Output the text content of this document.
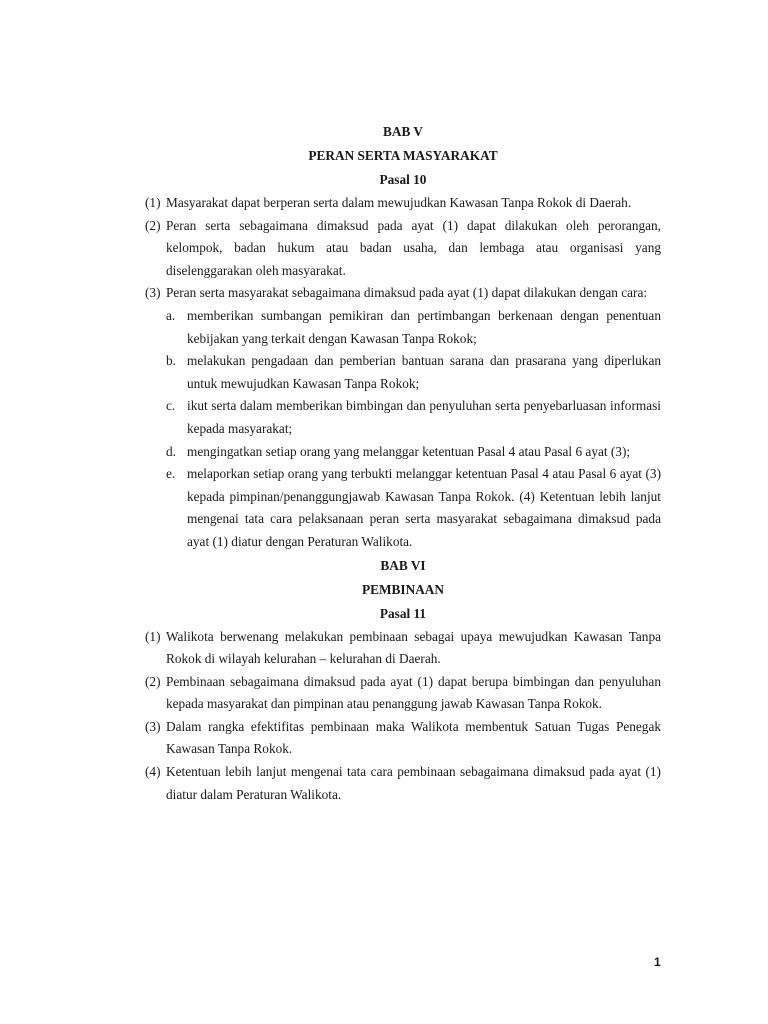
BAB V
PERAN SERTA MASYARAKAT
Pasal 10
(1) Masyarakat dapat berperan serta dalam mewujudkan Kawasan Tanpa Rokok di Daerah.
(2) Peran serta sebagaimana dimaksud pada ayat (1) dapat dilakukan oleh perorangan, kelompok, badan hukum atau badan usaha, dan lembaga atau organisasi yang diselenggarakan oleh masyarakat.
(3) Peran serta masyarakat sebagaimana dimaksud pada ayat (1) dapat dilakukan dengan cara:
a. memberikan sumbangan pemikiran dan pertimbangan berkenaan dengan penentuan kebijakan yang terkait dengan Kawasan Tanpa Rokok;
b. melakukan pengadaan dan pemberian bantuan sarana dan prasarana yang diperlukan untuk mewujudkan Kawasan Tanpa Rokok;
c. ikut serta dalam memberikan bimbingan dan penyuluhan serta penyebarluasan informasi kepada masyarakat;
d. mengingatkan setiap orang yang melanggar ketentuan Pasal 4 atau Pasal 6 ayat (3);
e. melaporkan setiap orang yang terbukti melanggar ketentuan Pasal 4 atau Pasal 6 ayat (3) kepada pimpinan/penanggungjawab Kawasan Tanpa Rokok. (4) Ketentuan lebih lanjut mengenai tata cara pelaksanaan peran serta masyarakat sebagaimana dimaksud pada ayat (1) diatur dengan Peraturan Walikota.
BAB VI
PEMBINAAN
Pasal 11
(1) Walikota berwenang melakukan pembinaan sebagai upaya mewujudkan Kawasan Tanpa Rokok di wilayah kelurahan – kelurahan di Daerah.
(2) Pembinaan sebagaimana dimaksud pada ayat (1) dapat berupa bimbingan dan penyuluhan kepada masyarakat dan pimpinan atau penanggung jawab Kawasan Tanpa Rokok.
(3) Dalam rangka efektifitas pembinaan maka Walikota membentuk Satuan Tugas Penegak Kawasan Tanpa Rokok.
(4) Ketentuan lebih lanjut mengenai tata cara pembinaan sebagaimana dimaksud pada ayat (1) diatur dalam Peraturan Walikota.
1
